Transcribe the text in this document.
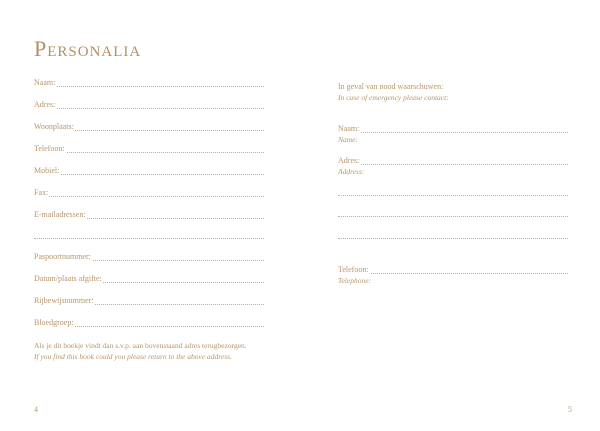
Personalia
Naam:
Adres:
Woonplaats:
Telefoon:
Mobiel:
Fax:
E-mailadressen:
Paspoortnummer:
Datum/plaats afgifte:
Rijbewijsnummer:
Bloedgroep:
Als je dit boekje vindt dan s.v.p. aan bovenstaand adres terugbezorgen.
If you find this book could you please return to the above address.
4
In geval van nood waarschuwen:
In case of emergency please contact:
Naam:
Name:
Adres:
Address:
Telefoon:
Telephone:
5
